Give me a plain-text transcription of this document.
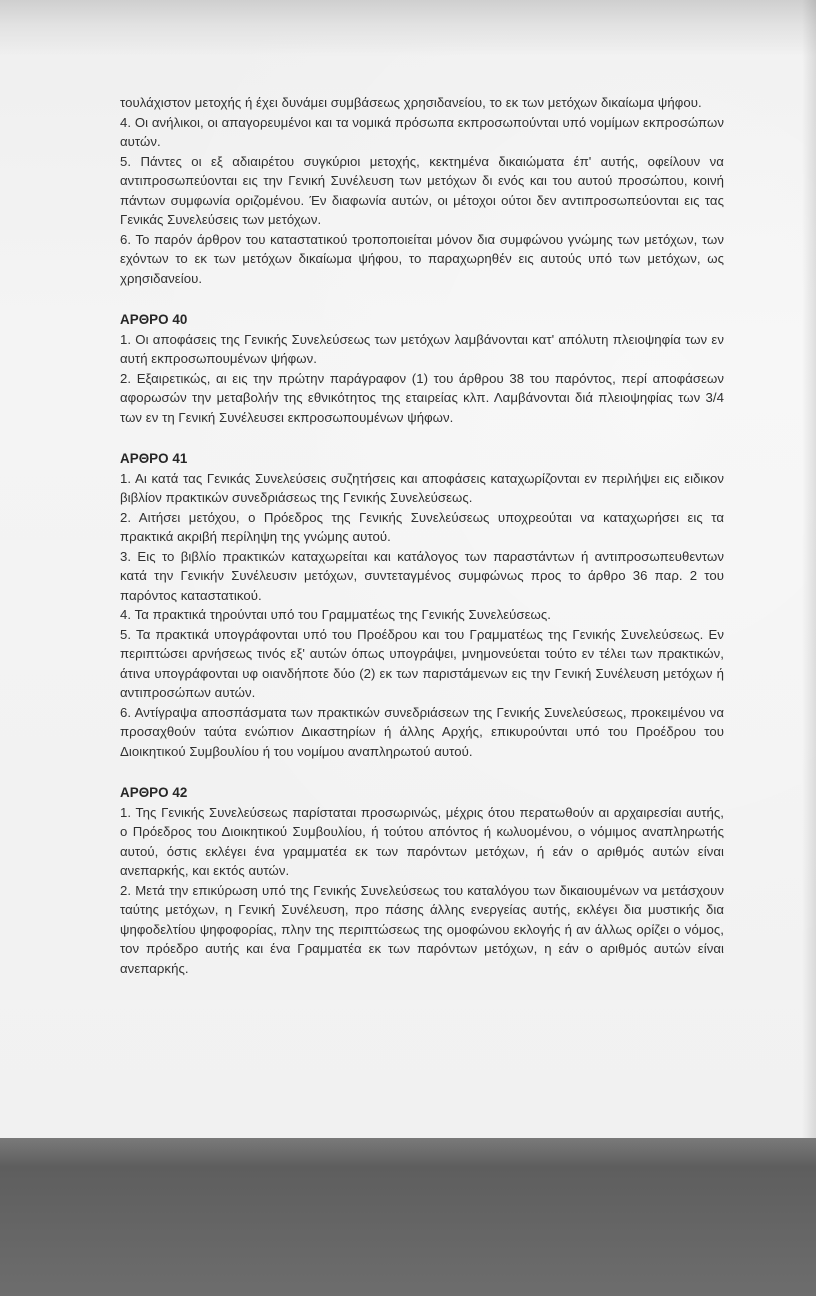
τουλάχιστον μετοχής ή έχει δυνάμει συμβάσεως χρησιδανείου, το εκ των μετόχων δικαίωμα ψήφου.

4. Οι ανήλικοι, οι απαγορευμένοι και τα νομικά πρόσωπα εκπροσωπούνται υπό νομίμων εκπροσώπων αυτών.

5. Πάντες οι εξ αδιαιρέτου συγκύριοι μετοχής, κεκτημένα δικαιώματα έπ' αυτής, οφείλουν να αντιπροσωπεύονται εις την Γενική Συνέλευση των μετόχων δι ενός και του αυτού προσώπου, κοινή πάντων συμφωνία οριζομένου. Έν διαφωνία αυτών, οι μέτοχοι ούτοι δεν αντιπροσωπεύονται εις τας Γενικάς Συνελεύσεις των μετόχων.

6. Το παρόν άρθρον του καταστατικού τροποποιείται μόνον δια συμφώνου γνώμης των μετόχων, των εχόντων το εκ των μετόχων δικαίωμα ψήφου, το παραχωρηθέν εις αυτούς υπό των μετόχων, ως χρησιδανείου.

ΑΡΘΡΟ 40

1. Οι αποφάσεις της Γενικής Συνελεύσεως των μετόχων λαμβάνονται κατ' απόλυτη πλειοψηφία των εν αυτή εκπροσωπουμένων ψήφων.

2. Εξαιρετικώς, αι εις την πρώτην παράγραφον (1) του άρθρου 38 του παρόντος, περί αποφάσεων αφορωσών την μεταβολήν της εθνικότητος της εταιρείας κλπ. Λαμβάνονται διά πλειοψηφίας των 3/4 των εν τη Γενική Συνέλευσει εκπροσωπουμένων ψήφων.

ΑΡΘΡΟ 41

1. Αι κατά τας Γενικάς Συνελεύσεις συζητήσεις και αποφάσεις καταχωρίζονται εν περιλήψει εις ειδικον βιβλίον πρακτικών συνεδριάσεως της Γενικής Συνελεύσεως.

2. Αιτήσει μετόχου, ο Πρόεδρος της Γενικής Συνελεύσεως υποχρεούται να καταχωρήσει εις τα πρακτικά ακριβή περίληψη της γνώμης αυτού.

3. Εις το βιβλίο πρακτικών καταχωρείται και κατάλογος των παραστάντων ή αντιπροσωπευθεντων κατά την Γενικήν Συνέλευσιν μετόχων, συντεταγμένος συμφώνως προς το άρθρο 36 παρ. 2 του παρόντος καταστατικού.

4. Τα πρακτικά τηρούνται υπό του Γραμματέως της Γενικής Συνελεύσεως.

5. Τα πρακτικά υπογράφονται υπό του Προέδρου και του Γραμματέως της Γενικής Συνελεύσεως. Εν περιπτώσει αρνήσεως τινός εξ' αυτών όπως υπογράψει, μνημονεύεται τούτο εν τέλει των πρακτικών, άτινα υπογράφονται υφ οιανδήποτε δύο (2) εκ των παριστάμενων εις την Γενική Συνέλευση μετόχων ή αντιπροσώπων αυτών.

6. Αντίγραψα αποσπάσματα των πρακτικών συνεδριάσεων της Γενικής Συνελεύσεως, προκειμένου να προσαχθούν ταύτα ενώπιον Δικαστηρίων ή άλλης Αρχής, επικυρούνται υπό του Προέδρου του Διοικητικού Συμβουλίου ή του νομίμου αναπληρωτού αυτού.

ΑΡΘΡΟ 42

1. Της Γενικής Συνελεύσεως παρίσταται προσωρινώς, μέχρις ότου περατωθούν αι αρχαιρεσίαι αυτής, ο Πρόεδρος του Διοικητικού Συμβουλίου, ή τούτου απόντος ή κωλυομένου, ο νόμιμος αναπληρωτής αυτού, όστις εκλέγει ένα γραμματέα εκ των παρόντων μετόχων, ή εάν ο αριθμός αυτών είναι ανεπαρκής, και εκτός αυτών.

2. Μετά την επικύρωση υπό της Γενικής Συνελεύσεως του καταλόγου των δικαιουμένων να μετάσχουν ταύτης μετόχων, η Γενική Συνέλευση, προ πάσης άλλης ενεργείας αυτής, εκλέγει δια μυστικής δια ψηφοδελτίου ψηφοφορίας, πλην της περιπτώσεως της ομοφώνου εκλογής ή αν άλλως ορίζει ο νόμος, τον πρόεδρο αυτής και ένα Γραμματέα εκ των παρόντων μετόχων, η εάν ο αριθμός αυτών είναι ανεπαρκής.
